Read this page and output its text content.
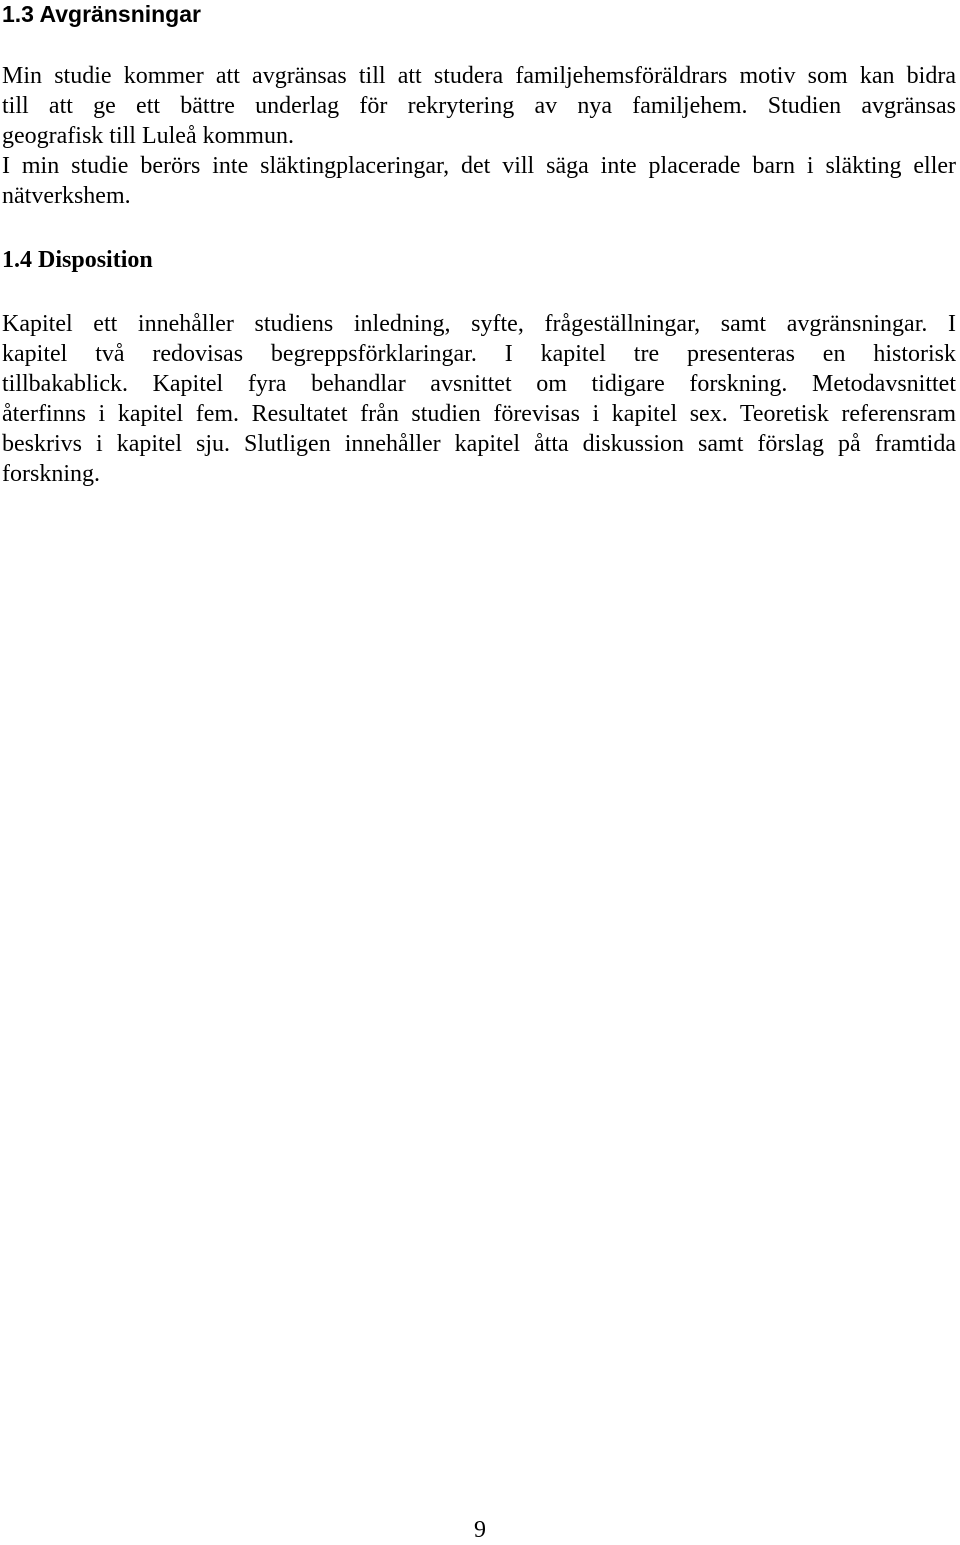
1.3 Avgränsningar

Min studie kommer att avgränsas till att studera familjehemsföräldrars motiv som kan bidra
till att ge ett bättre underlag för rekrytering av nya familjehem. Studien avgränsas
geografisk till Luleå kommun.

I min studie berörs inte släktingplaceringar, det vill säga inte placerade barn i släkting eller
nätverkshem.

1.4 Disposition

Kapitel ett innehåller studiens inledning, syfte, frågeställningar, samt avgränsningar. I
kapitel två redovisas begreppsförklaringar. I kapitel tre presenteras en historisk
tillbakablick. Kapitel fyra behandlar avsnittet om tidigare forskning. Metodavsnittet
återfinns i kapitel fem. Resultatet från studien förevisas i kapitel sex. Teoretisk referensram
beskrivs i kapitel sju. Slutligen innehåller kapitel åtta diskussion samt förslag på framtida
forskning.

9
